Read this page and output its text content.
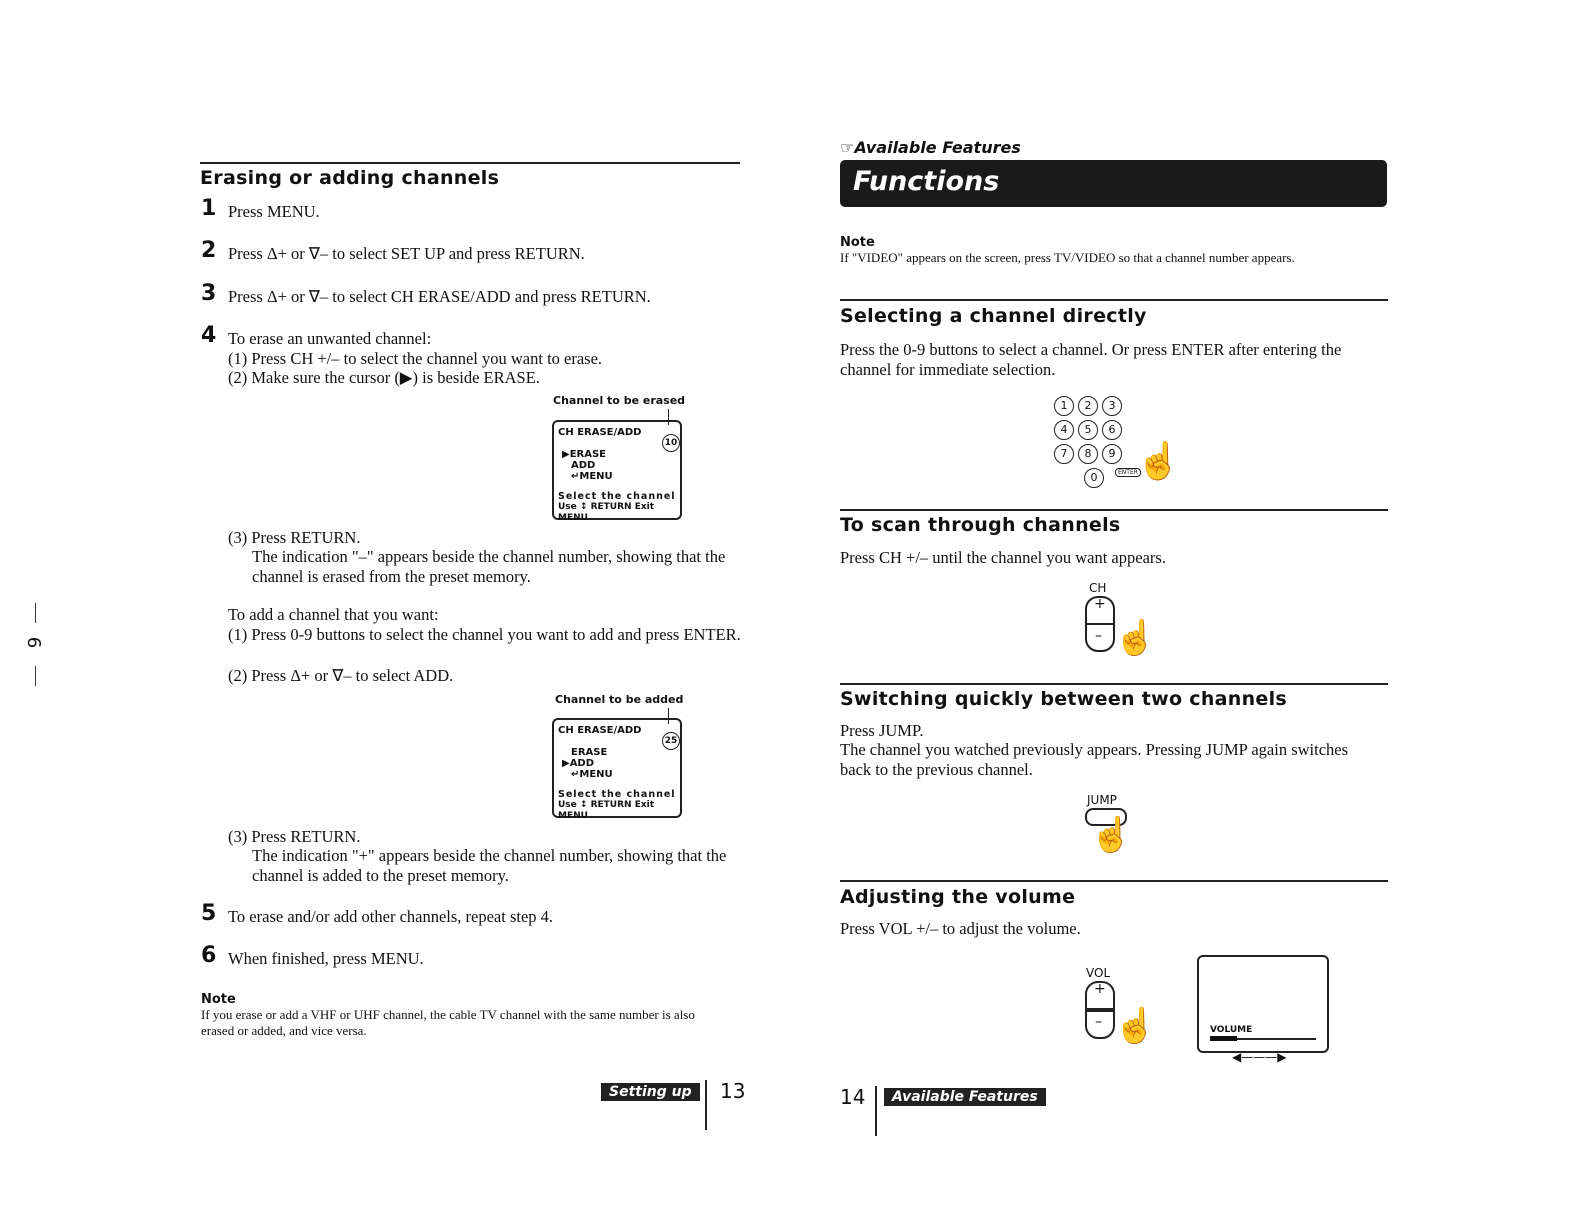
6
Erasing or adding channels
1 Press MENU.
2 Press Δ+ or ∇– to select SET UP and press RETURN.
3 Press Δ+ or ∇– to select CH ERASE/ADD and press RETURN.
4 To erase an unwanted channel:
(1) Press CH +/– to select the channel you want to erase.
(2) Make sure the cursor (▶) is beside ERASE.
Channel to be erased
CH ERASE/ADD
10
▶ERASE
ADD
↵MENU
Select the channel
Use ↕ RETURN Exit MENU
(3) Press RETURN.
The indication "–" appears beside the channel number, showing that the channel is erased from the preset memory.
To add a channel that you want:
(1) Press 0-9 buttons to select the channel you want to add and press ENTER.
(2) Press Δ+ or ∇– to select ADD.
Channel to be added
CH ERASE/ADD
25
ERASE
▶ADD
↵MENU
Select the channel
Use ↕ RETURN Exit MENU
(3) Press RETURN.
The indication "+" appears beside the channel number, showing that the channel is added to the preset memory.
5 To erase and/or add other channels, repeat step 4.
6 When finished, press MENU.
Note
If you erase or add a VHF or UHF channel, the cable TV channel with the same number is also erased or added, and vice versa.
Setting up	13
☞Available Features
Functions
Note
If "VIDEO" appears on the screen, press TV/VIDEO so that a channel number appears.
Selecting a channel directly
Press the 0-9 buttons to select a channel. Or press ENTER after entering the channel for immediate selection.
1 2 3 4 5 6 7 8 9 0	ENTER
☝
To scan through channels
Press CH +/– until the channel you want appears.
CH
+
– ☝
Switching quickly between two channels
Press JUMP.
The channel you watched previously appears. Pressing JUMP again switches back to the previous channel.
JUMP
☝
Adjusting the volume
Press VOL +/– to adjust the volume.
VOL
+
– ☝	VOLUME
◀———▶
14	Available Features
